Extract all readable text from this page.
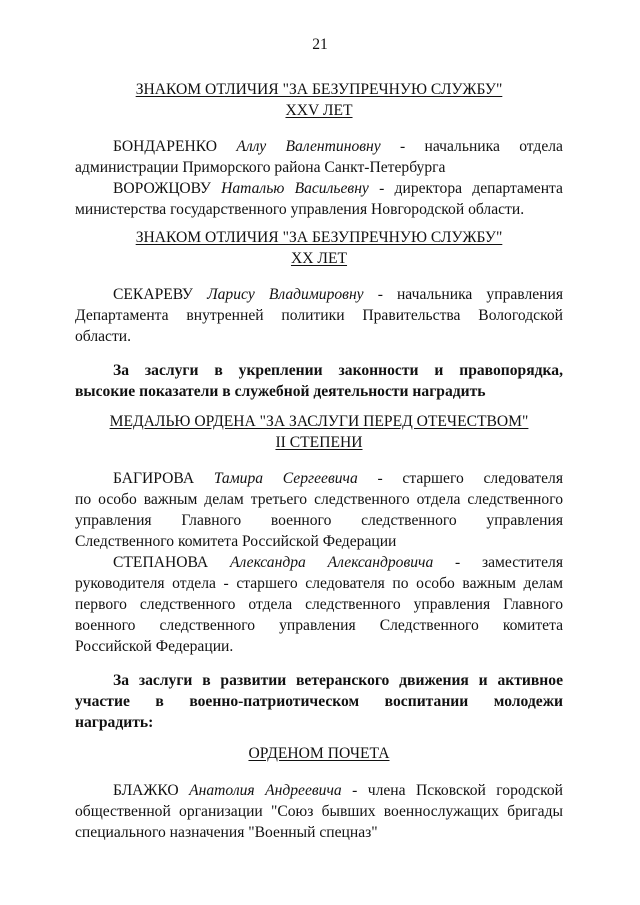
21
ЗНАКОМ ОТЛИЧИЯ "ЗА БЕЗУПРЕЧНУЮ СЛУЖБУ"
XXV ЛЕТ
БОНДАРЕНКО Аллу Валентиновну - начальника отдела
администрации Приморского района Санкт-Петербурга
ВОРОЖЦОВУ Наталью Васильевну - директора департамента
министерства государственного управления Новгородской области.
ЗНАКОМ ОТЛИЧИЯ "ЗА БЕЗУПРЕЧНУЮ СЛУЖБУ"
XX ЛЕТ
СЕКАРЕВУ Ларису Владимировну - начальника управления
Департамента внутренней политики Правительства Вологодской
области.
За заслуги в укреплении законности и правопорядка,
высокие показатели в служебной деятельности наградить
МЕДАЛЬЮ ОРДЕНА "ЗА ЗАСЛУГИ ПЕРЕД ОТЕЧЕСТВОМ"
II СТЕПЕНИ
БАГИРОВА Тамира Сергеевича - старшего следователя
по особо важным делам третьего следственного отдела следственного
управления Главного военного следственного управления
Следственного комитета Российской Федерации
СТЕПАНОВА Александра Александровича - заместителя
руководителя отдела - старшего следователя по особо важным делам
первого следственного отдела следственного управления Главного
военного следственного управления Следственного комитета
Российской Федерации.
За заслуги в развитии ветеранского движения и активное
участие в военно-патриотическом воспитании молодежи
наградить:
ОРДЕНОМ ПОЧЕТА
БЛАЖКО Анатолия Андреевича - члена Псковской городской
общественной организации "Союз бывших военнослужащих бригады
специального назначения "Военный спецназ"
